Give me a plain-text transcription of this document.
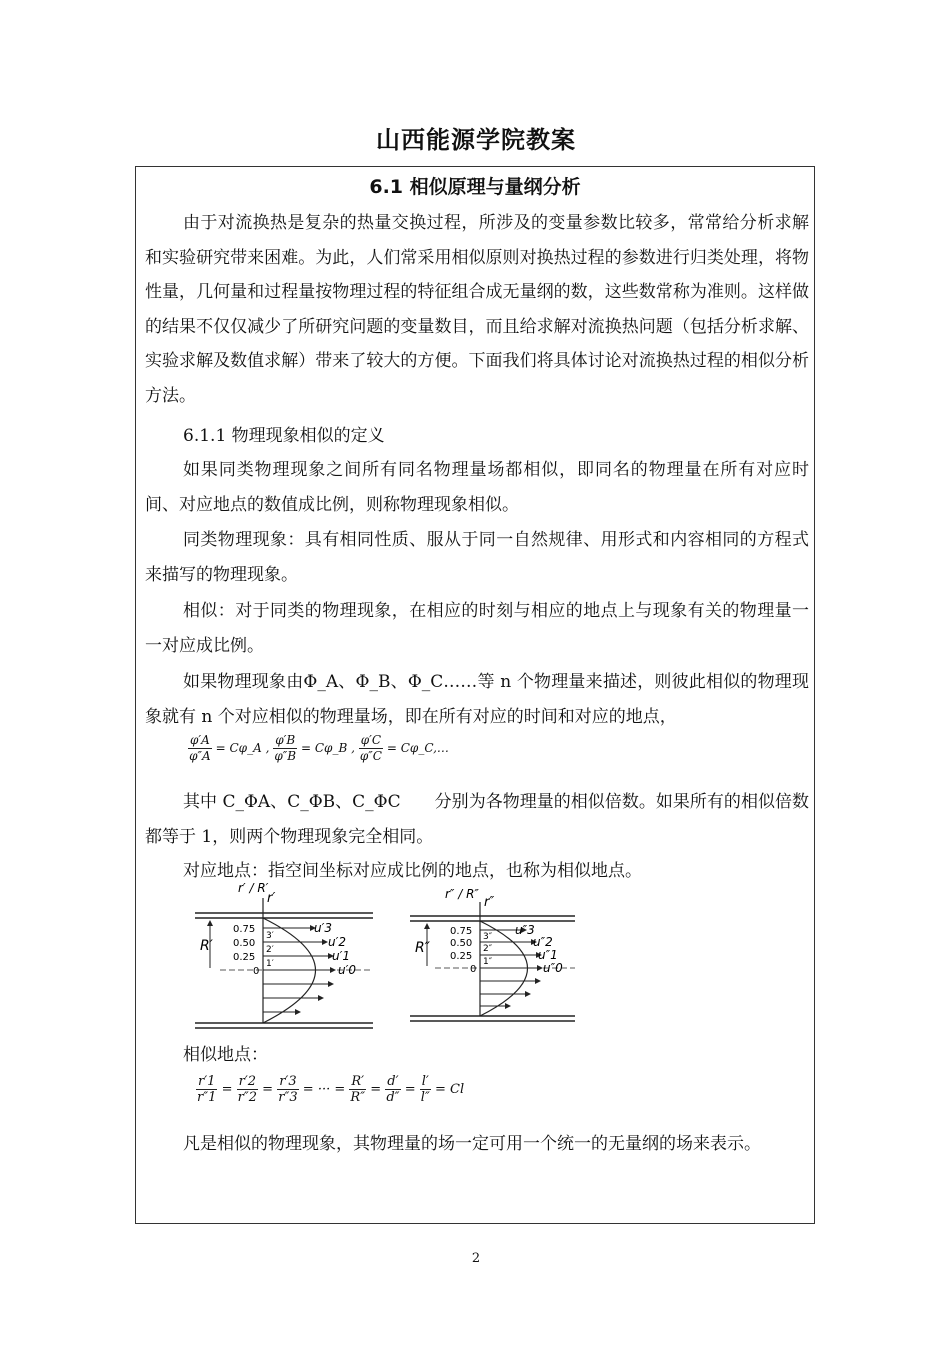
山西能源学院教案
6.1 相似原理与量纲分析

由于对流换热是复杂的热量交换过程，所涉及的变量参数比较多，常常给分析求解和实验研究带来困难。为此，人们常采用相似原则对换热过程的参数进行归类处理，将物性量，几何量和过程量按物理过程的特征组合成无量纲的数，这些数常称为准则。这样做的结果不仅仅减少了所研究问题的变量数目，而且给求解对流换热问题（包括分析求解、实验求解及数值求解）带来了较大的方便。下面我们将具体讨论对流换热过程的相似分析方法。

6.1.1 物理现象相似的定义

如果同类物理现象之间所有同名物理量场都相似，即同名的物理量在所有对应时间、对应地点的数值成比例，则称物理现象相似。

同类物理现象：具有相同性质、服从于同一自然规律、用形式和内容相同的方程式来描写的物理现象。

相似：对于同类的物理现象，在相应的时刻与相应的地点上与现象有关的物理量一一对应成比例。

如果物理现象由Φ_A、Φ_B、Φ_C……等 n 个物理量来描述，则彼此相似的物理现象就有 n 个对应相似的物理量场，即在所有对应的时间和对应的地点，

$\frac{\varphi'A}{\varphi''A}$ = Cφ_A , $\frac{\varphi'B}{\varphi''B}$ = Cφ_B , $\frac{\varphi'C}{\varphi''C}$ = Cφ_C,…

其中 C_ΦA、C_ΦB、C_ΦC　　分别为各物理量的相似倍数。如果所有的相似倍数都等于 1，则两个物理现象完全相同。

对应地点：指空间坐标对应成比例的地点，也称为相似地点。
r′ / R′
r′
R′
0.75
0.50
0.25
0
3′
2′
1′
u′3
u′2
u′1
u′0
r″ / R″
r″
R″
0.75
0.50
0.25
0
3″
2″
1″
u″3
u″2
u″1
u″0
相似地点：
$\frac{r'1}{r''1} = \frac{r'2}{r''2} = \frac{r'3}{r''3}$ = ··· = $\frac{R'}{R''} = \frac{d'}{d''} = \frac{l'}{l''} = Cl$

凡是相似的物理现象，其物理量的场一定可用一个统一的无量纲的场来表示。

2
